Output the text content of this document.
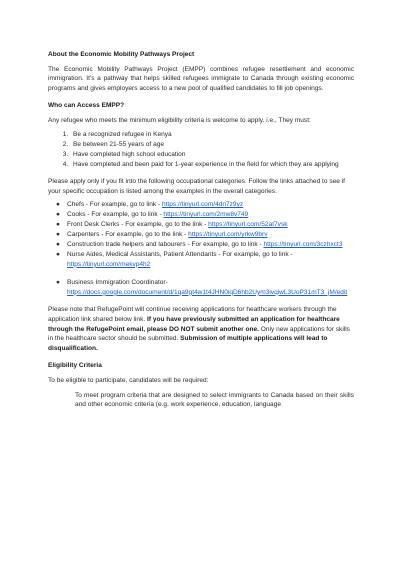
About the Economic Mobility Pathways Project

The Economic Mobility Pathways Project (EMPP) combines refugee resettlement and economic immigration. It’s a pathway that helps skilled refugees immigrate to Canada through existing economic programs and gives employers access to a new pool of qualified candidates to fill job openings.

Who can Access EMPP?

Any refugee who meets the minimum eligibility criteria is welcome to apply. i.e., They must:

1. Be a recognized refugee in Kenya
2. Be between 21-55 years of age
3. Have completed high school education
4. Have completed and been paid for 1-year experience in the field for which they are applying

Please apply only if you fit into the following occupational categories. Follow the links attached to see if your specific occupation is listed among the examples in the overall categories.

● Chefs - For example, go to link - https://tinyurl.com/4dn7z9yz
● Cooks - For example, go to link - https://tinyurl.com/2mw8v749
● Front Desk Clerks - For example, go to the link - https://tinyurl.com/52at7vsk
● Carpenters - For example, go to the link - https://tinyurl.com/yrkw9brv
● Construction trade helpers and labourers - For example, go to link - https://tinyurl.com/3czhxct3
● Nurse Aides, Medical Assistants, Patient Attendants - For example, go to link -https://tinyurl.com/mekvp4h2
● Business Immigration Coordinator-
https://docs.google.com/document/d/1qa9gt4w1t4JHN0iqD6hb2Uym3ivqiwL3UoP31mT3_jM/edit

Please note that RefugePoint will continue receiving applications for healthcare workers through the application link shared below link. If you have previously submitted an application for healthcare through the RefugePoint email, please DO NOT submit another one. Only new applications for skills in the healthcare sector should be submitted. Submission of multiple applications will lead to disqualification.

Eligibility Criteria

To be eligible to participate, candidates will be required:

To meet program criteria that are designed to select immigrants to Canada based on their skills and other economic criteria (e.g. work experience, education, language
